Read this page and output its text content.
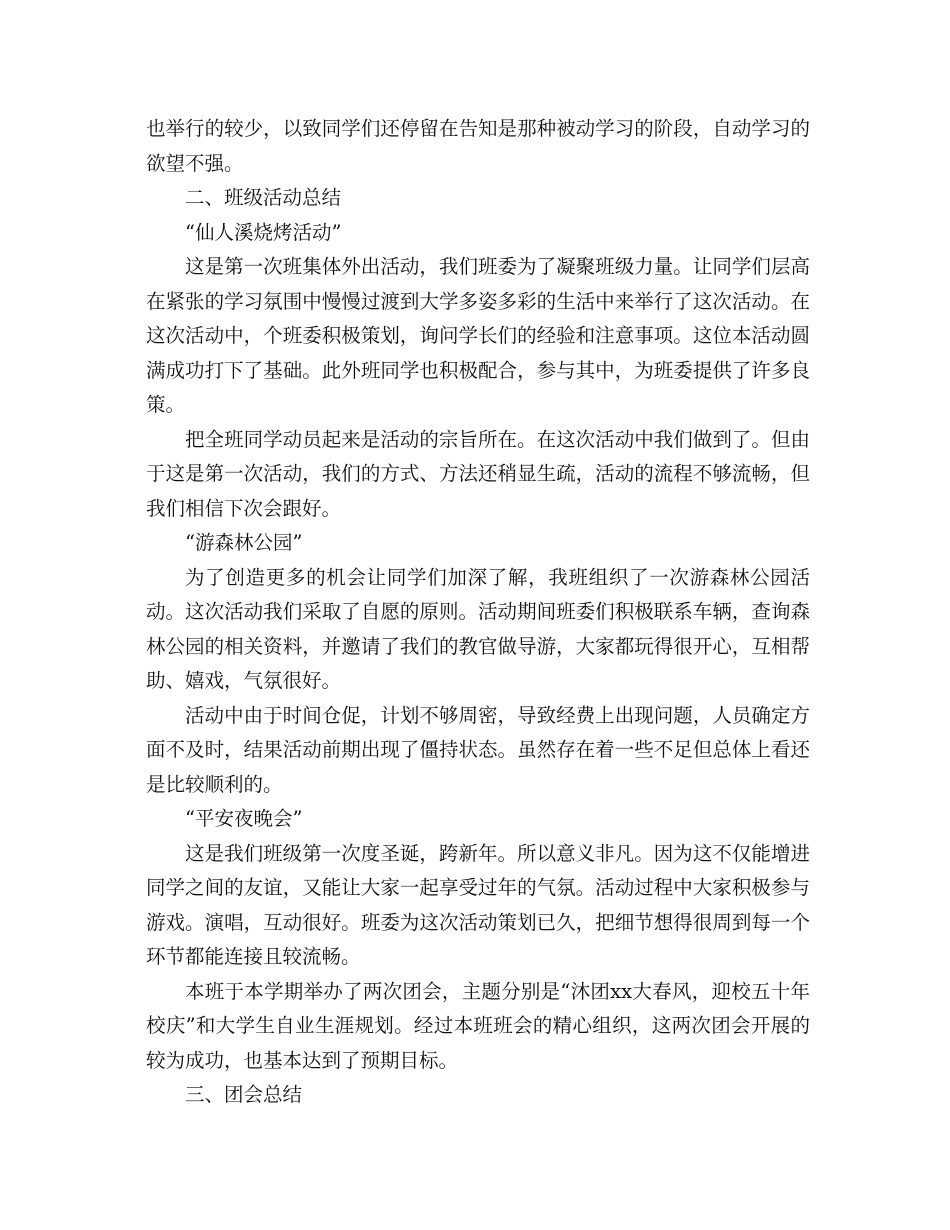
也举行的较少，以致同学们还停留在告知是那种被动学习的阶段，自动学习的欲望不强。

二、班级活动总结

“仙人溪烧烤活动”

这是第一次班集体外出活动，我们班委为了凝聚班级力量。让同学们层高在紧张的学习氛围中慢慢过渡到大学多姿多彩的生活中来举行了这次活动。在这次活动中，个班委积极策划，询问学长们的经验和注意事项。这位本活动圆满成功打下了基础。此外班同学也积极配合，参与其中，为班委提供了许多良策。

把全班同学动员起来是活动的宗旨所在。在这次活动中我们做到了。但由于这是第一次活动，我们的方式、方法还稍显生疏，活动的流程不够流畅，但我们相信下次会跟好。

“游森林公园”

为了创造更多的机会让同学们加深了解，我班组织了一次游森林公园活动。这次活动我们采取了自愿的原则。活动期间班委们积极联系车辆，查询森林公园的相关资料，并邀请了我们的教官做导游，大家都玩得很开心，互相帮助、嬉戏，气氛很好。

活动中由于时间仓促，计划不够周密，导致经费上出现问题，人员确定方面不及时，结果活动前期出现了僵持状态。虽然存在着一些不足但总体上看还是比较顺利的。

“平安夜晚会”

这是我们班级第一次度圣诞，跨新年。所以意义非凡。因为这不仅能增进同学之间的友谊，又能让大家一起享受过年的气氛。活动过程中大家积极参与游戏。演唱，互动很好。班委为这次活动策划已久，把细节想得很周到每一个环节都能连接且较流畅。

本班于本学期举办了两次团会，主题分别是“沐团xx大春风，迎校五十年校庆”和大学生自业生涯规划。经过本班班会的精心组织，这两次团会开展的较为成功，也基本达到了预期目标。

三、团会总结
